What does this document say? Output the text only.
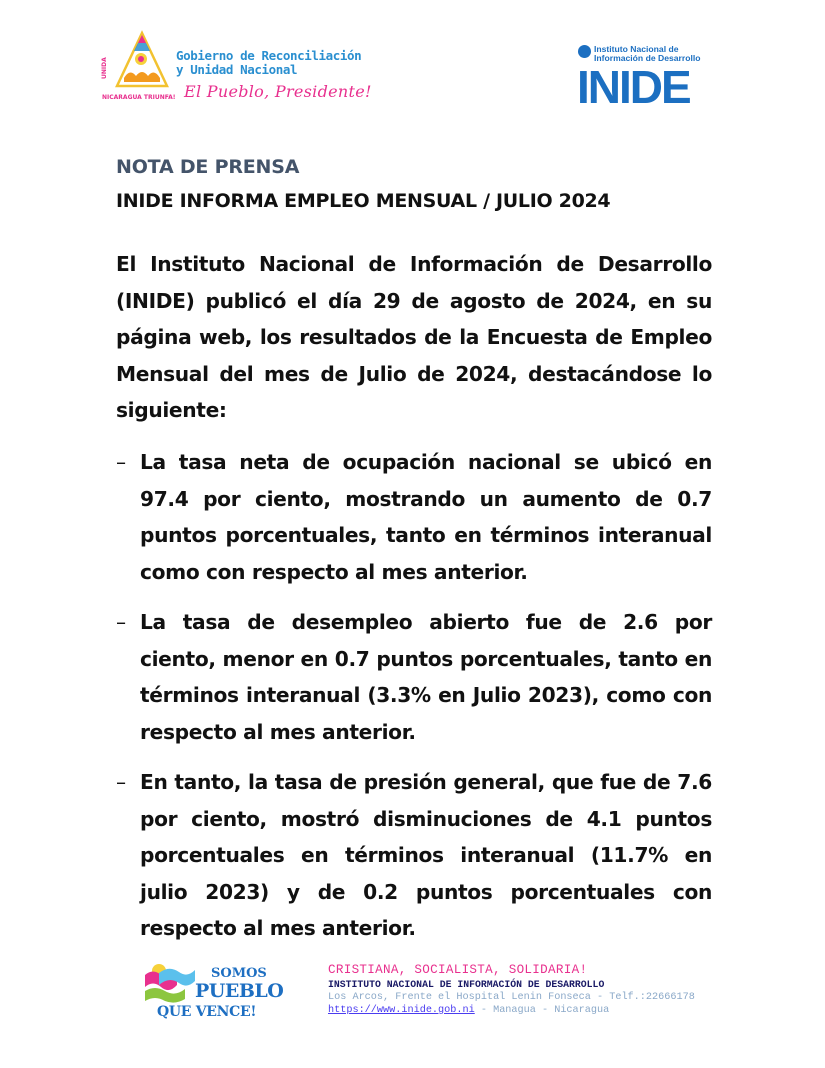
UNIDA
NICARAGUA TRIUNFA!
Gobierno de Reconciliación
y Unidad Nacional
El Pueblo, Presidente!
Instituto Nacional de
Información de Desarrollo
INIDE
NOTA DE PRENSA
INIDE INFORMA EMPLEO MENSUAL / JULIO 2024

El Instituto Nacional de Información de Desarrollo (INIDE) publicó el día 29 de agosto de 2024, en su página web, los resultados de la Encuesta de Empleo Mensual del mes de Julio de 2024, destacándose lo siguiente:

– La tasa neta de ocupación nacional se ubicó en 97.4 por ciento, mostrando un aumento de 0.7 puntos porcentuales, tanto en términos interanual como con respecto al mes anterior.
– La tasa de desempleo abierto fue de 2.6 por ciento, menor en 0.7 puntos porcentuales, tanto en términos interanual (3.3% en Julio 2023), como con respecto al mes anterior.
– En tanto, la tasa de presión general, que fue de 7.6 por ciento, mostró disminuciones de 4.1 puntos porcentuales en términos interanual (11.7% en julio 2023) y de 0.2 puntos porcentuales con respecto al mes anterior.
SOMOS
PUEBLO
QUE VENCE!
CRISTIANA, SOCIALISTA, SOLIDARIA!
INSTITUTO NACIONAL DE INFORMACIÓN DE DESARROLLO
Los Arcos, Frente el Hospital Lenin Fonseca - Telf.:22666178
https://www.inide.gob.ni - Managua - Nicaragua
